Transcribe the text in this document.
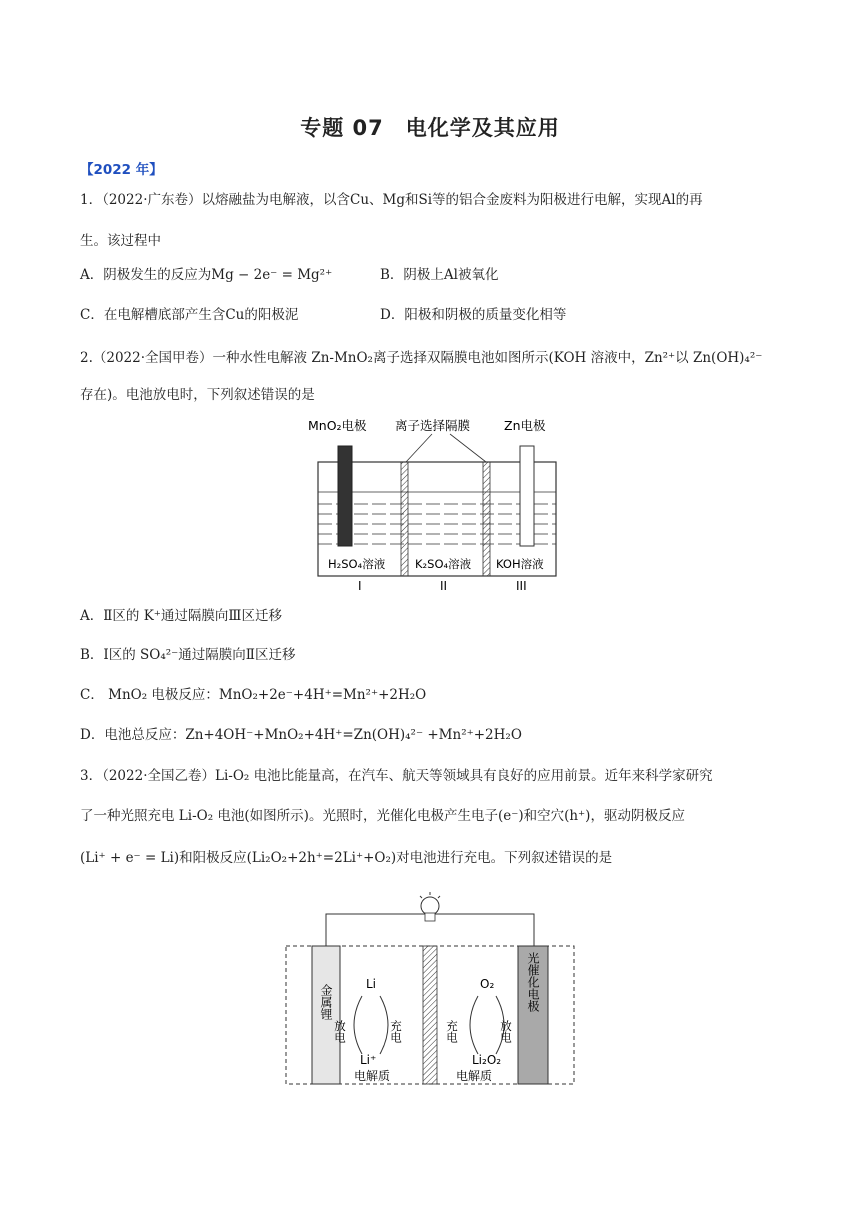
专题 07　电化学及其应用
【2022 年】
1．（2022·广东卷）以熔融盐为电解液，以含Cu、Mg和Si等的铝合金废料为阳极进行电解，实现Al的再
生。该过程中
A．阴极发生的反应为Mg − 2e⁻ = Mg²⁺	B．阴极上Al被氧化
C．在电解槽底部产生含Cu的阳极泥	D．阳极和阴极的质量变化相等
2.（2022·全国甲卷）一种水性电解液 Zn-MnO₂离子选择双隔膜电池如图所示(KOH 溶液中，Zn²⁺以 Zn(OH)₄²⁻
存在)。电池放电时，下列叙述错误的是
MnO₂电极 离子选择隔膜	Zn电极
H₂SO₄溶液	K₂SO₄溶液 KOH溶液
I	II	III
A．Ⅱ区的 K⁺通过隔膜向Ⅲ区迁移
B．Ⅰ区的 SO₄²⁻通过隔膜向Ⅱ区迁移
C． MnO₂ 电极反应：MnO₂+2e⁻+4H⁺=Mn²⁺+2H₂O
D．电池总反应：Zn+4OH⁻+MnO₂+4H⁺=Zn(OH)₄²⁻ +Mn²⁺+2H₂O
3．（2022·全国乙卷）Li-O₂ 电池比能量高，在汽车、航天等领域具有良好的应用前景。近年来科学家研究
了一种光照充电 Li-O₂ 电池(如图所示)。光照时，光催化电极产生电子(e⁻)和空穴(h⁺)，驱动阴极反应
(Li⁺ + e⁻ = Li)和阳极反应(Li₂O₂+2h⁺=2Li⁺+O₂)对电池进行充电。下列叙述错误的是
金属锂	光催化电极
Li
Li⁺
放电	充电
电解质
O₂
Li₂O₂
充电	放电
电解质
